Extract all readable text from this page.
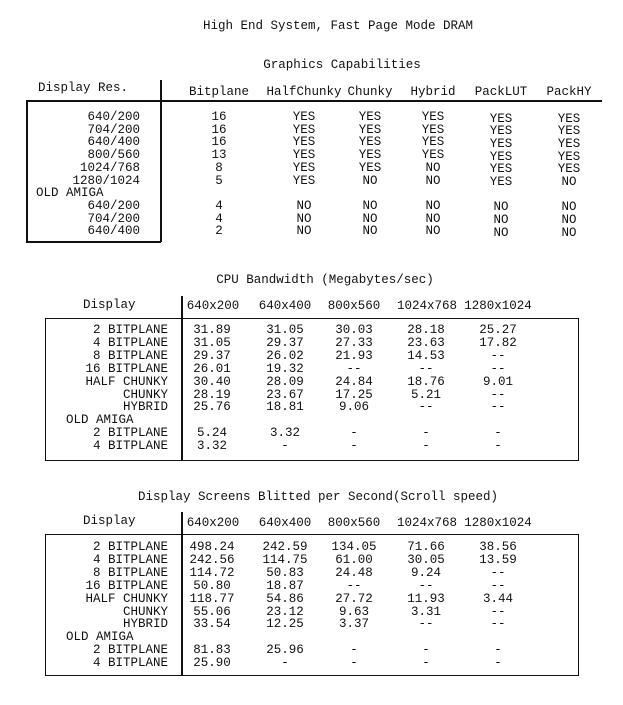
High End System, Fast Page Mode DRAM
Graphics Capabilities
Display Res.	Bitplane HalfChunky Chunky Hybrid PackLUT PackHY
640/200	16	YES	YES	YES	YES	YES
704/200	16	YES	YES	YES	YES	YES
640/400	16	YES	YES	YES	YES	YES
800/560	13	YES	YES	YES	YES	YES
1024/768	8	YES	YES	NO	YES	YES
1280/1024	5	YES	NO	NO	YES	NO
OLD AMIGA
640/200	4	NO	NO	NO	NO	NO
704/200	4	NO	NO	NO	NO	NO
640/400	2	NO	NO	NO	NO	NO
CPU Bandwidth (Megabytes/sec)
Display	640x200 640x400 800x560 1024x768 1280x1024
2 BITPLANE 31.89	31.05	30.03	28.18	25.27
4 BITPLANE 31.05	29.37	27.33	23.63	17.82
8 BITPLANE 29.37	26.02	21.93	14.53	--
16 BITPLANE 26.01	19.32	--	--	--
HALF CHUNKY 30.40	28.09	24.84	18.76	9.01
CHUNKY 28.19	23.67	17.25	5.21	--
HYBRID 25.76	18.81	9.06	--	--
OLD AMIGA
2 BITPLANE 5.24	3.32	-	-	-
4 BITPLANE 3.32	-	-	-	-
Display Screens Blitted per Second(Scroll speed)
Display	640x200 640x400 800x560 1024x768 1280x1024
2 BITPLANE 498.24 242.59 134.05 71.66	38.56
4 BITPLANE 242.56 114.75 61.00	30.05	13.59
8 BITPLANE 114.72	50.83	24.48	9.24	--
16 BITPLANE 50.80	18.87	--	--	--
HALF CHUNKY 118.77	54.86	27.72	11.93	3.44
CHUNKY 55.06	23.12	9.63	3.31	--
HYBRID 33.54	12.25	3.37	--	--
OLD AMIGA
2 BITPLANE 81.83	25.96	-	-	-
4 BITPLANE 25.90	-	-	-	-
